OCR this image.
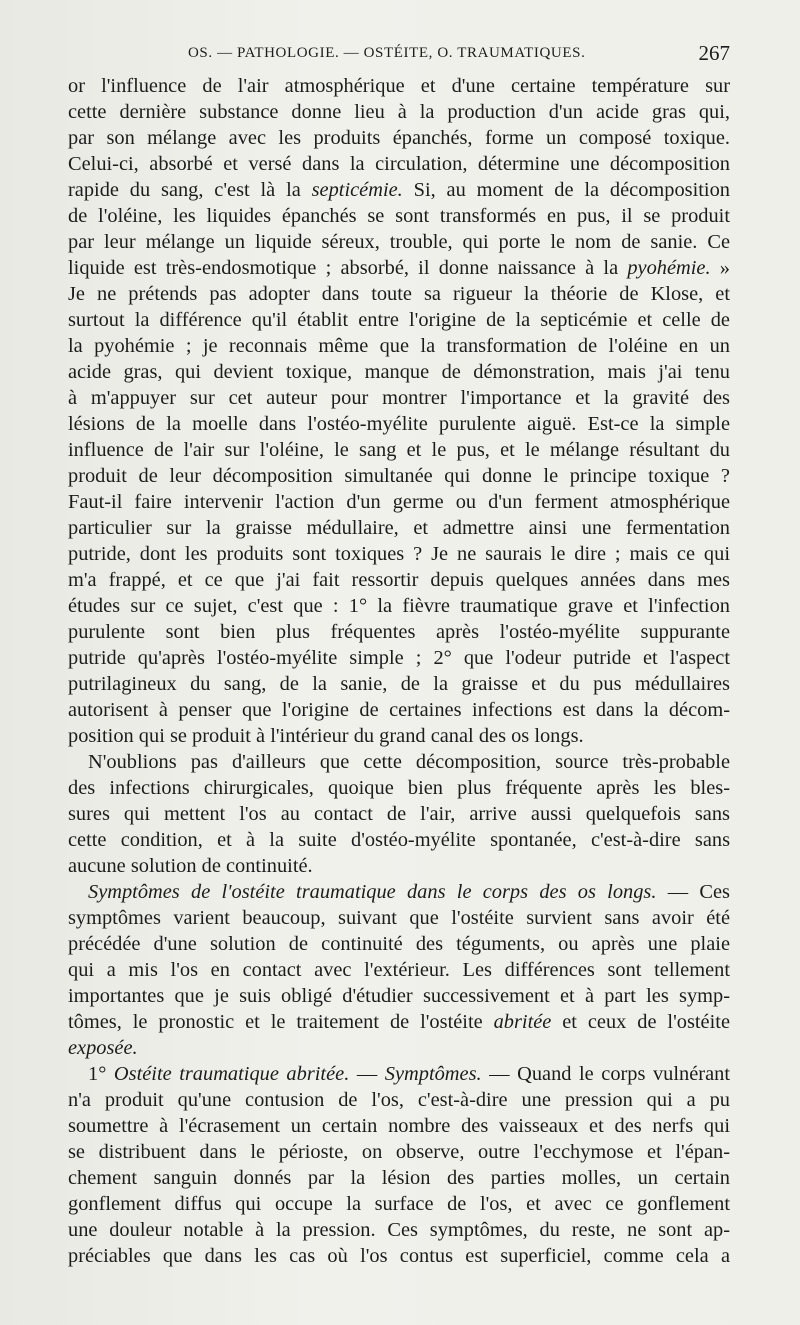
OS. — PATHOLOGIE. — OSTÉITE, O. TRAUMATIQUES.	267
or l'influence de l'air atmosphérique et d'une certaine température sur
cette dernière substance donne lieu à la production d'un acide gras qui,
par son mélange avec les produits épanchés, forme un composé toxique.
Celui-ci, absorbé et versé dans la circulation, détermine une décomposition
rapide du sang, c'est là la septicémie. Si, au moment de la décomposition
de l'oléine, les liquides épanchés se sont transformés en pus, il se produit
par leur mélange un liquide séreux, trouble, qui porte le nom de sanie. Ce
liquide est très-endosmotique ; absorbé, il donne naissance à la pyohémie. »
Je ne prétends pas adopter dans toute sa rigueur la théorie de Klose, et
surtout la différence qu'il établit entre l'origine de la septicémie et celle de
la pyohémie ; je reconnais même que la transformation de l'oléine en un
acide gras, qui devient toxique, manque de démonstration, mais j'ai tenu
à m'appuyer sur cet auteur pour montrer l'importance et la gravité des
lésions de la moelle dans l'ostéo-myélite purulente aiguë. Est-ce la simple
influence de l'air sur l'oléine, le sang et le pus, et le mélange résultant du
produit de leur décomposition simultanée qui donne le principe toxique ?
Faut-il faire intervenir l'action d'un germe ou d'un ferment atmosphérique
particulier sur la graisse médullaire, et admettre ainsi une fermentation
putride, dont les produits sont toxiques ? Je ne saurais le dire ; mais ce qui
m'a frappé, et ce que j'ai fait ressortir depuis quelques années dans mes
études sur ce sujet, c'est que : 1° la fièvre traumatique grave et l'infection
purulente sont bien plus fréquentes après l'ostéo-myélite suppurante
putride qu'après l'ostéo-myélite simple ; 2° que l'odeur putride et l'aspect
putrilagineux du sang, de la sanie, de la graisse et du pus médullaires
autorisent à penser que l'origine de certaines infections est dans la décom-
position qui se produit à l'intérieur du grand canal des os longs.
N'oublions pas d'ailleurs que cette décomposition, source très-probable
des infections chirurgicales, quoique bien plus fréquente après les bles-
sures qui mettent l'os au contact de l'air, arrive aussi quelquefois sans
cette condition, et à la suite d'ostéo-myélite spontanée, c'est-à-dire sans
aucune solution de continuité.
Symptômes de l'ostéite traumatique dans le corps des os longs. — Ces
symptômes varient beaucoup, suivant que l'ostéite survient sans avoir été
précédée d'une solution de continuité des téguments, ou après une plaie
qui a mis l'os en contact avec l'extérieur. Les différences sont tellement
importantes que je suis obligé d'étudier successivement et à part les symp-
tômes, le pronostic et le traitement de l'ostéite abritée et ceux de l'ostéite
exposée.
1° Ostéite traumatique abritée. — Symptômes. — Quand le corps vulnérant
n'a produit qu'une contusion de l'os, c'est-à-dire une pression qui a pu
soumettre à l'écrasement un certain nombre des vaisseaux et des nerfs qui
se distribuent dans le périoste, on observe, outre l'ecchymose et l'épan-
chement sanguin donnés par la lésion des parties molles, un certain
gonflement diffus qui occupe la surface de l'os, et avec ce gonflement
une douleur notable à la pression. Ces symptômes, du reste, ne sont ap-
préciables que dans les cas où l'os contus est superficiel, comme cela a
